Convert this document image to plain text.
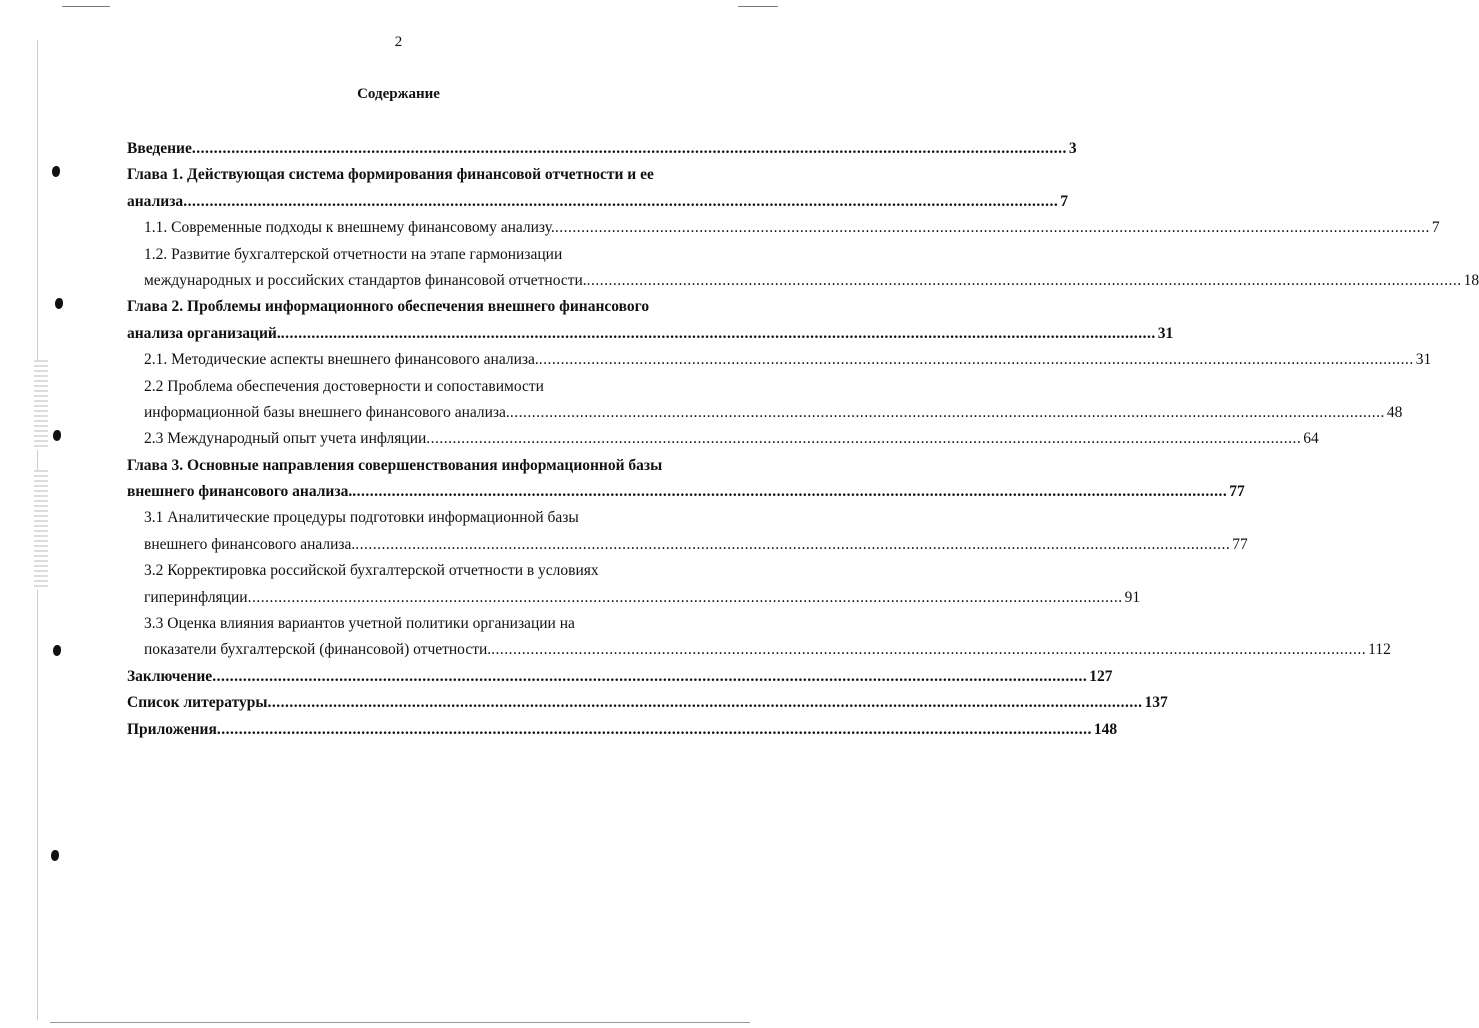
2
Содержание
Введение ........................................................................................................................................................................................................ 3
Глава 1. Действующая система формирования финансовой отчетности и ее
анализа ........................................................................................................................................................................................................ 7
1.1. Современные подходы к внешнему финансовому анализу. ........................................................................................................................................................................................................ 7
1.2. Развитие бухгалтерской отчетности на этапе гармонизации
международных и российских стандартов финансовой отчетности. ........................................................................................................................................................................................................ 18
Глава 2. Проблемы информационного обеспечения внешнего финансового
анализа организаций. ........................................................................................................................................................................................................ 31
2.1. Методические аспекты внешнего финансового анализа. ........................................................................................................................................................................................................ 31
2.2 Проблема обеспечения достоверности и сопоставимости
информационной базы внешнего финансового анализа. ........................................................................................................................................................................................................ 48
2.3 Международный опыт учета инфляции ........................................................................................................................................................................................................ 64
Глава 3. Основные направления совершенствования информационной базы
внешнего финансового анализа. ........................................................................................................................................................................................................ 77
3.1 Аналитические процедуры подготовки информационной базы
внешнего финансового анализа. ........................................................................................................................................................................................................ 77
3.2 Корректировка российской бухгалтерской отчетности в условиях
гиперинфляции ........................................................................................................................................................................................................ 91
3.3 Оценка влияния вариантов учетной политики организации на
показатели бухгалтерской (финансовой) отчетности. ........................................................................................................................................................................................................ 112
Заключение ........................................................................................................................................................................................................ 127
Список литературы ........................................................................................................................................................................................................ 137
Приложения ........................................................................................................................................................................................................ 148
